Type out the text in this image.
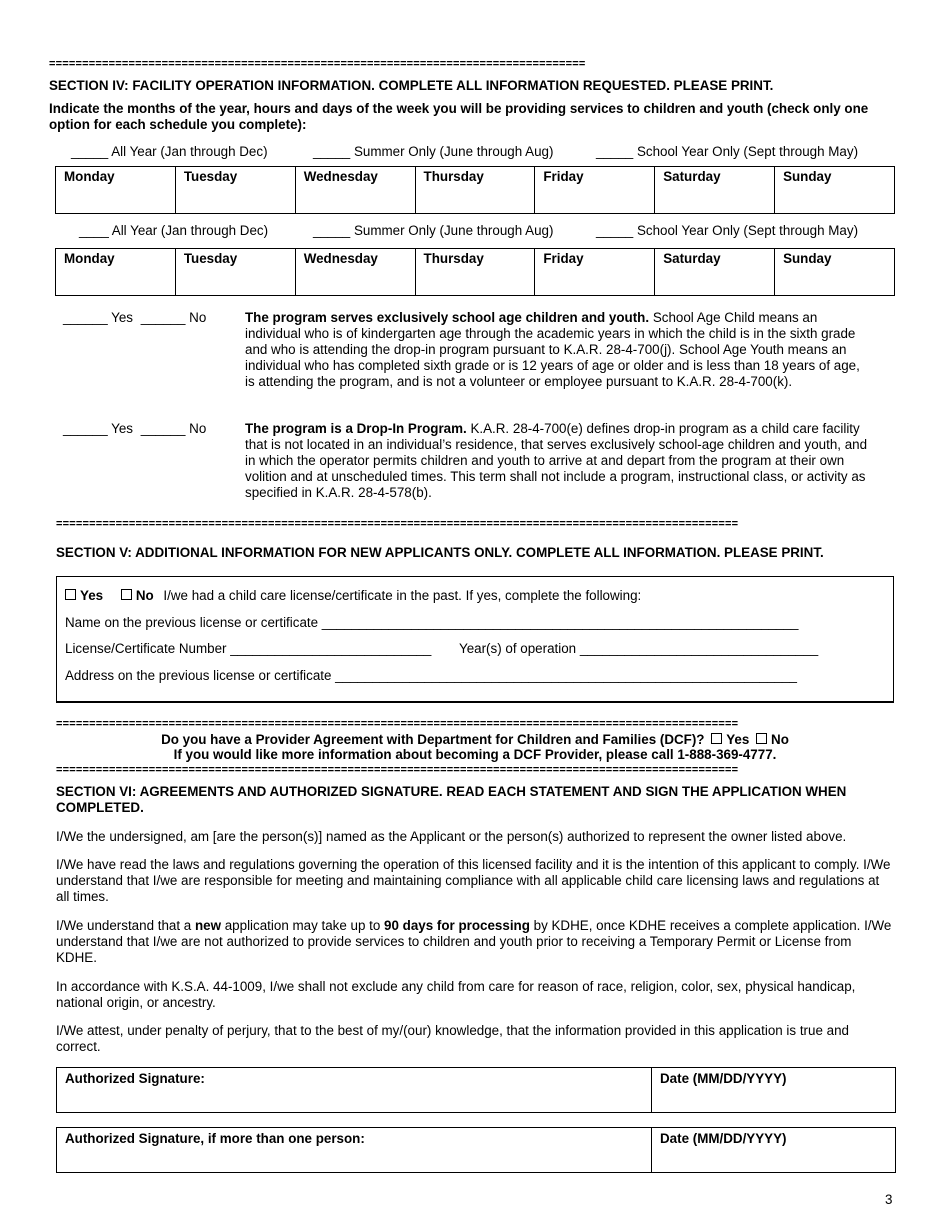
=================================================================================
SECTION IV: FACILITY OPERATION INFORMATION. COMPLETE ALL INFORMATION REQUESTED. PLEASE PRINT.
Indicate the months of the year, hours and days of the week you will be providing services to children and youth (check only one option for each schedule you complete):
_____ All Year (Jan through Dec)	_____ Summer Only (June through Aug)	_____ School Year Only (Sept through May)
Monday	Tuesday	Wednesday	Thursday	Friday	Saturday	Sunday
____ All Year (Jan through Dec)	_____ Summer Only (June through Aug)	_____ School Year Only (Sept through May)
Monday	Tuesday	Wednesday	Thursday	Friday	Saturday	Sunday
______ Yes ______ No	The program serves exclusively school age children and youth. School Age Child means an individual who is of kindergarten age through the academic years in which the child is in the sixth grade and who is attending the drop-in program pursuant to K.A.R. 28-4-700(j). School Age Youth means an individual who has completed sixth grade or is 12 years of age or older and is less than 18 years of age, is attending the program, and is not a volunteer or employee pursuant to K.A.R. 28-4-700(k).
______ Yes ______ No	The program is a Drop-In Program. K.A.R. 28-4-700(e) defines drop-in program as a child care facility that is not located in an individual’s residence, that serves exclusively school-age children and youth, and in which the operator permits children and youth to arrive at and depart from the program at their own volition and at unscheduled times. This term shall not include a program, instructional class, or activity as specified in K.A.R. 28-4-578(b).
=======================================================================================================
SECTION V: ADDITIONAL INFORMATION FOR NEW APPLICANTS ONLY. COMPLETE ALL INFORMATION. PLEASE PRINT.
Yes No I/we had a child care license/certificate in the past. If yes, complete the following:
Name on the previous license or certificate ________________________________________________________________
License/Certificate Number ___________________________ Year(s) of operation ________________________________
Address on the previous license or certificate ______________________________________________________________
=======================================================================================================
Do you have a Provider Agreement with Department for Children and Families (DCF)? Yes No
If you would like more information about becoming a DCF Provider, please call 1-888-369-4777.
=======================================================================================================
SECTION VI: AGREEMENTS AND AUTHORIZED SIGNATURE. READ EACH STATEMENT AND SIGN THE APPLICATION WHEN COMPLETED.
I/We the undersigned, am [are the person(s)] named as the Applicant or the person(s) authorized to represent the owner listed above.
I/We have read the laws and regulations governing the operation of this licensed facility and it is the intention of this applicant to comply. I/We understand that I/we are responsible for meeting and maintaining compliance with all applicable child care licensing laws and regulations at all times.
I/We understand that a new application may take up to 90 days for processing by KDHE, once KDHE receives a complete application. I/We understand that I/we are not authorized to provide services to children and youth prior to receiving a Temporary Permit or License from KDHE.
In accordance with K.S.A. 44-1009, I/we shall not exclude any child from care for reason of race, religion, color, sex, physical handicap, national origin, or ancestry.
I/We attest, under penalty of perjury, that to the best of my/(our) knowledge, that the information provided in this application is true and correct.
Authorized Signature:	Date (MM/DD/YYYY)
Authorized Signature, if more than one person:	Date (MM/DD/YYYY)
3
